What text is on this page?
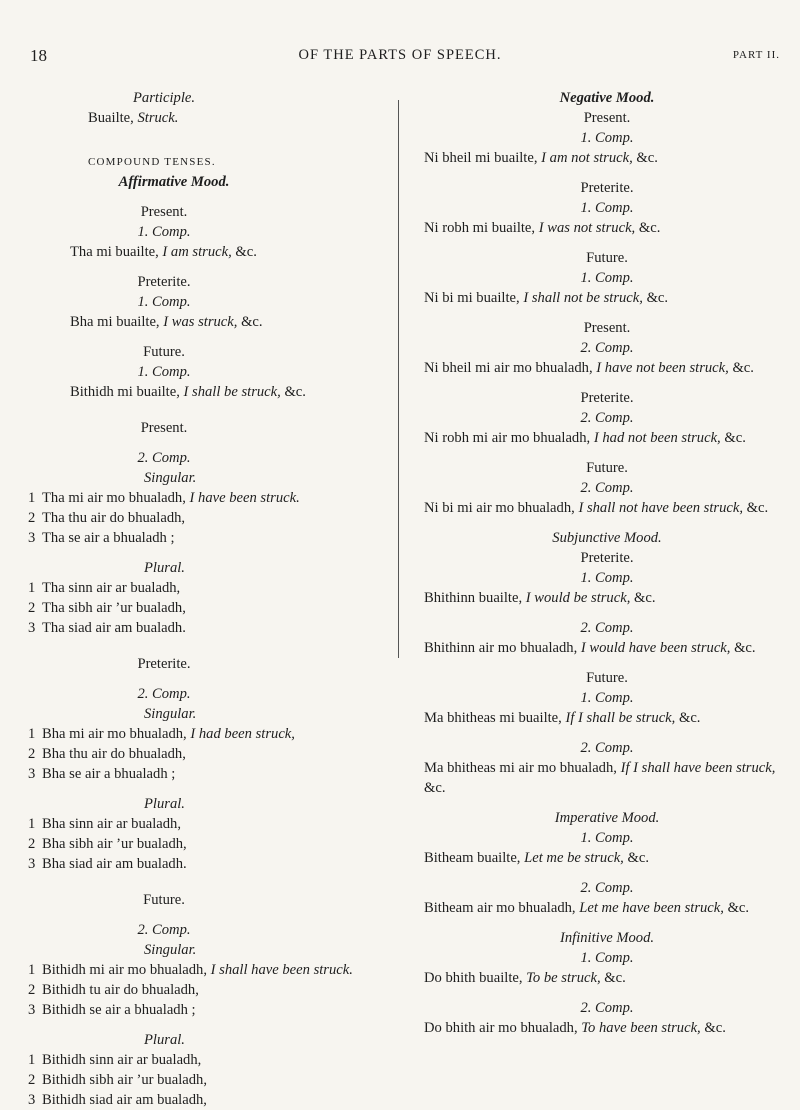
18	OF THE PARTS OF SPEECH.	PART II.
Participle.
Buailte, Struck.
COMPOUND TENSES.
Affirmative Mood.
Present.
1. Comp.
Tha mi buailte, I am struck, &c.
Preterite.
1. Comp.
Bha mi buailte, I was struck, &c.
Future.
1. Comp.
Bithidh mi buailte, I shall be struck, &c.
Present.
2. Comp.
Singular.
1 Tha mi air mo bhualadh, I have been struck.
2 Tha thu air do bhualadh,
3 Tha se air a bhualadh ;
Plural.
1 Tha sinn air ar bualadh,
2 Tha sibh air ’ur bualadh,
3 Tha siad air am bualadh.
Preterite.
2. Comp.
Singular.
1 Bha mi air mo bhualadh, I had been struck,
2 Bha thu air do bhualadh,
3 Bha se air a bhualadh ;
Plural.
1 Bha sinn air ar bualadh,
2 Bha sibh air ’ur bualadh,
3 Bha siad air am bualadh.
Future.
2. Comp.
Singular.
1 Bithidh mi air mo bhualadh, I shall have been struck.
2 Bithidh tu air do bhualadh,
3 Bithidh se air a bhualadh ;
Plural.
1 Bithidh sinn air ar bualadh,
2 Bithidh sibh air ’ur bualadh,
3 Bithidh siad air am bualadh,
Negative Mood.
Present.
1. Comp.
Ni bheil mi buailte, I am not struck, &c.
Preterite.
1. Comp.
Ni robh mi buailte, I was not struck, &c.
Future.
1. Comp.
Ni bi mi buailte, I shall not be struck, &c.
Present.
2. Comp.
Ni bheil mi air mo bhualadh, I have not been struck, &c.
Preterite.
2. Comp.
Ni robh mi air mo bhualadh, I had not been struck, &c.
Future.
2. Comp.
Ni bi mi air mo bhualadh, I shall not have been struck, &c.
Subjunctive Mood.
Preterite.
1. Comp.
Bhithinn buailte, I would be struck, &c.
2. Comp.
Bhithinn air mo bhualadh, I would have been struck, &c.
Future.
1. Comp.
Ma bhitheas mi buailte, If I shall be struck, &c.
2. Comp.
Ma bhitheas mi air mo bhualadh, If I shall have been struck, &c.
Imperative Mood.
1. Comp.
Bitheam buailte, Let me be struck, &c.
2. Comp.
Bitheam air mo bhualadh, Let me have been struck, &c.
Infinitive Mood.
1. Comp.
Do bhith buailte, To be struck, &c.
2. Comp.
Do bhith air mo bhualadh, To have been struck, &c.
